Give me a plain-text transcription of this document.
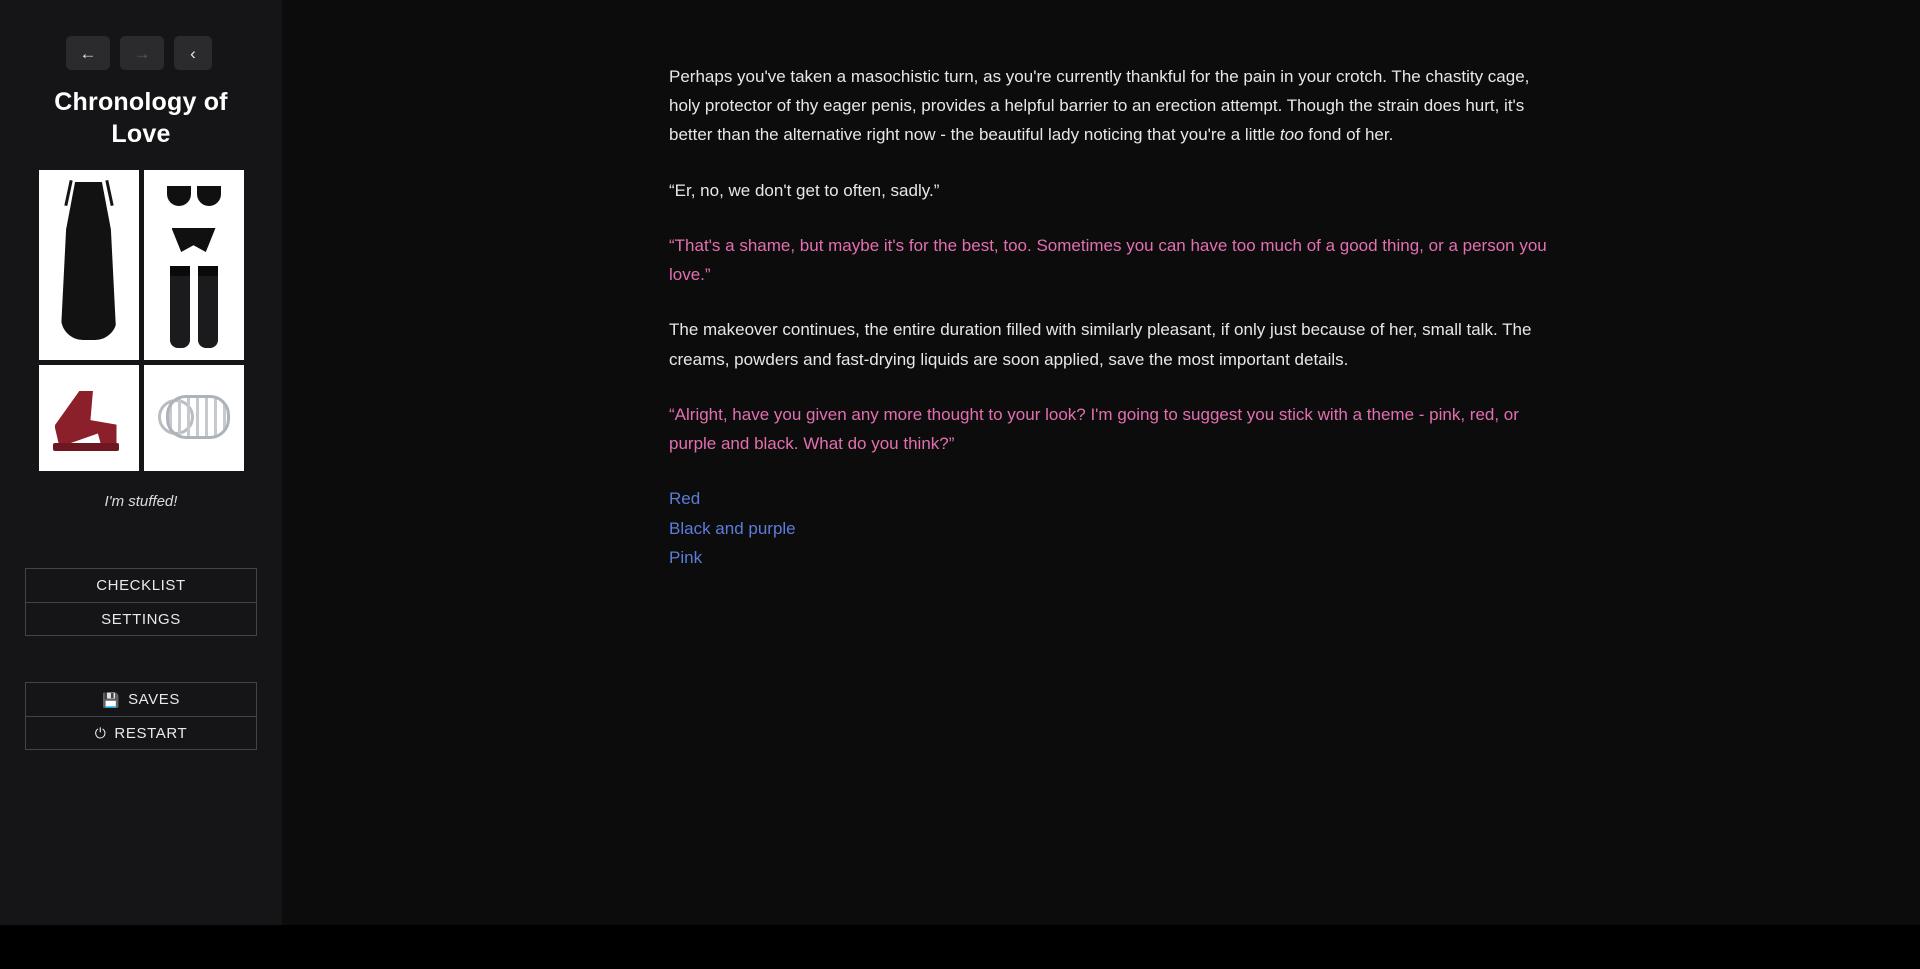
← → ‹
Chronology of Love
I'm stuffed!
CHECKLIST
SETTINGS
💾 SAVES
⏻ RESTART

Perhaps you've taken a masochistic turn, as you're currently thankful for the pain in your crotch. The chastity cage, holy protector of thy eager penis, provides a helpful barrier to an erection attempt. Though the strain does hurt, it's better than the alternative right now - the beautiful lady noticing that you're a little too fond of her.

“Er, no, we don't get to often, sadly.”

“That's a shame, but maybe it's for the best, too. Sometimes you can have too much of a good thing, or a person you love.”

The makeover continues, the entire duration filled with similarly pleasant, if only just because of her, small talk. The creams, powders and fast-drying liquids are soon applied, save the most important details.

“Alright, have you given any more thought to your look? I'm going to suggest you stick with a theme - pink, red, or purple and black. What do you think?”

Red
Black and purple
Pink
